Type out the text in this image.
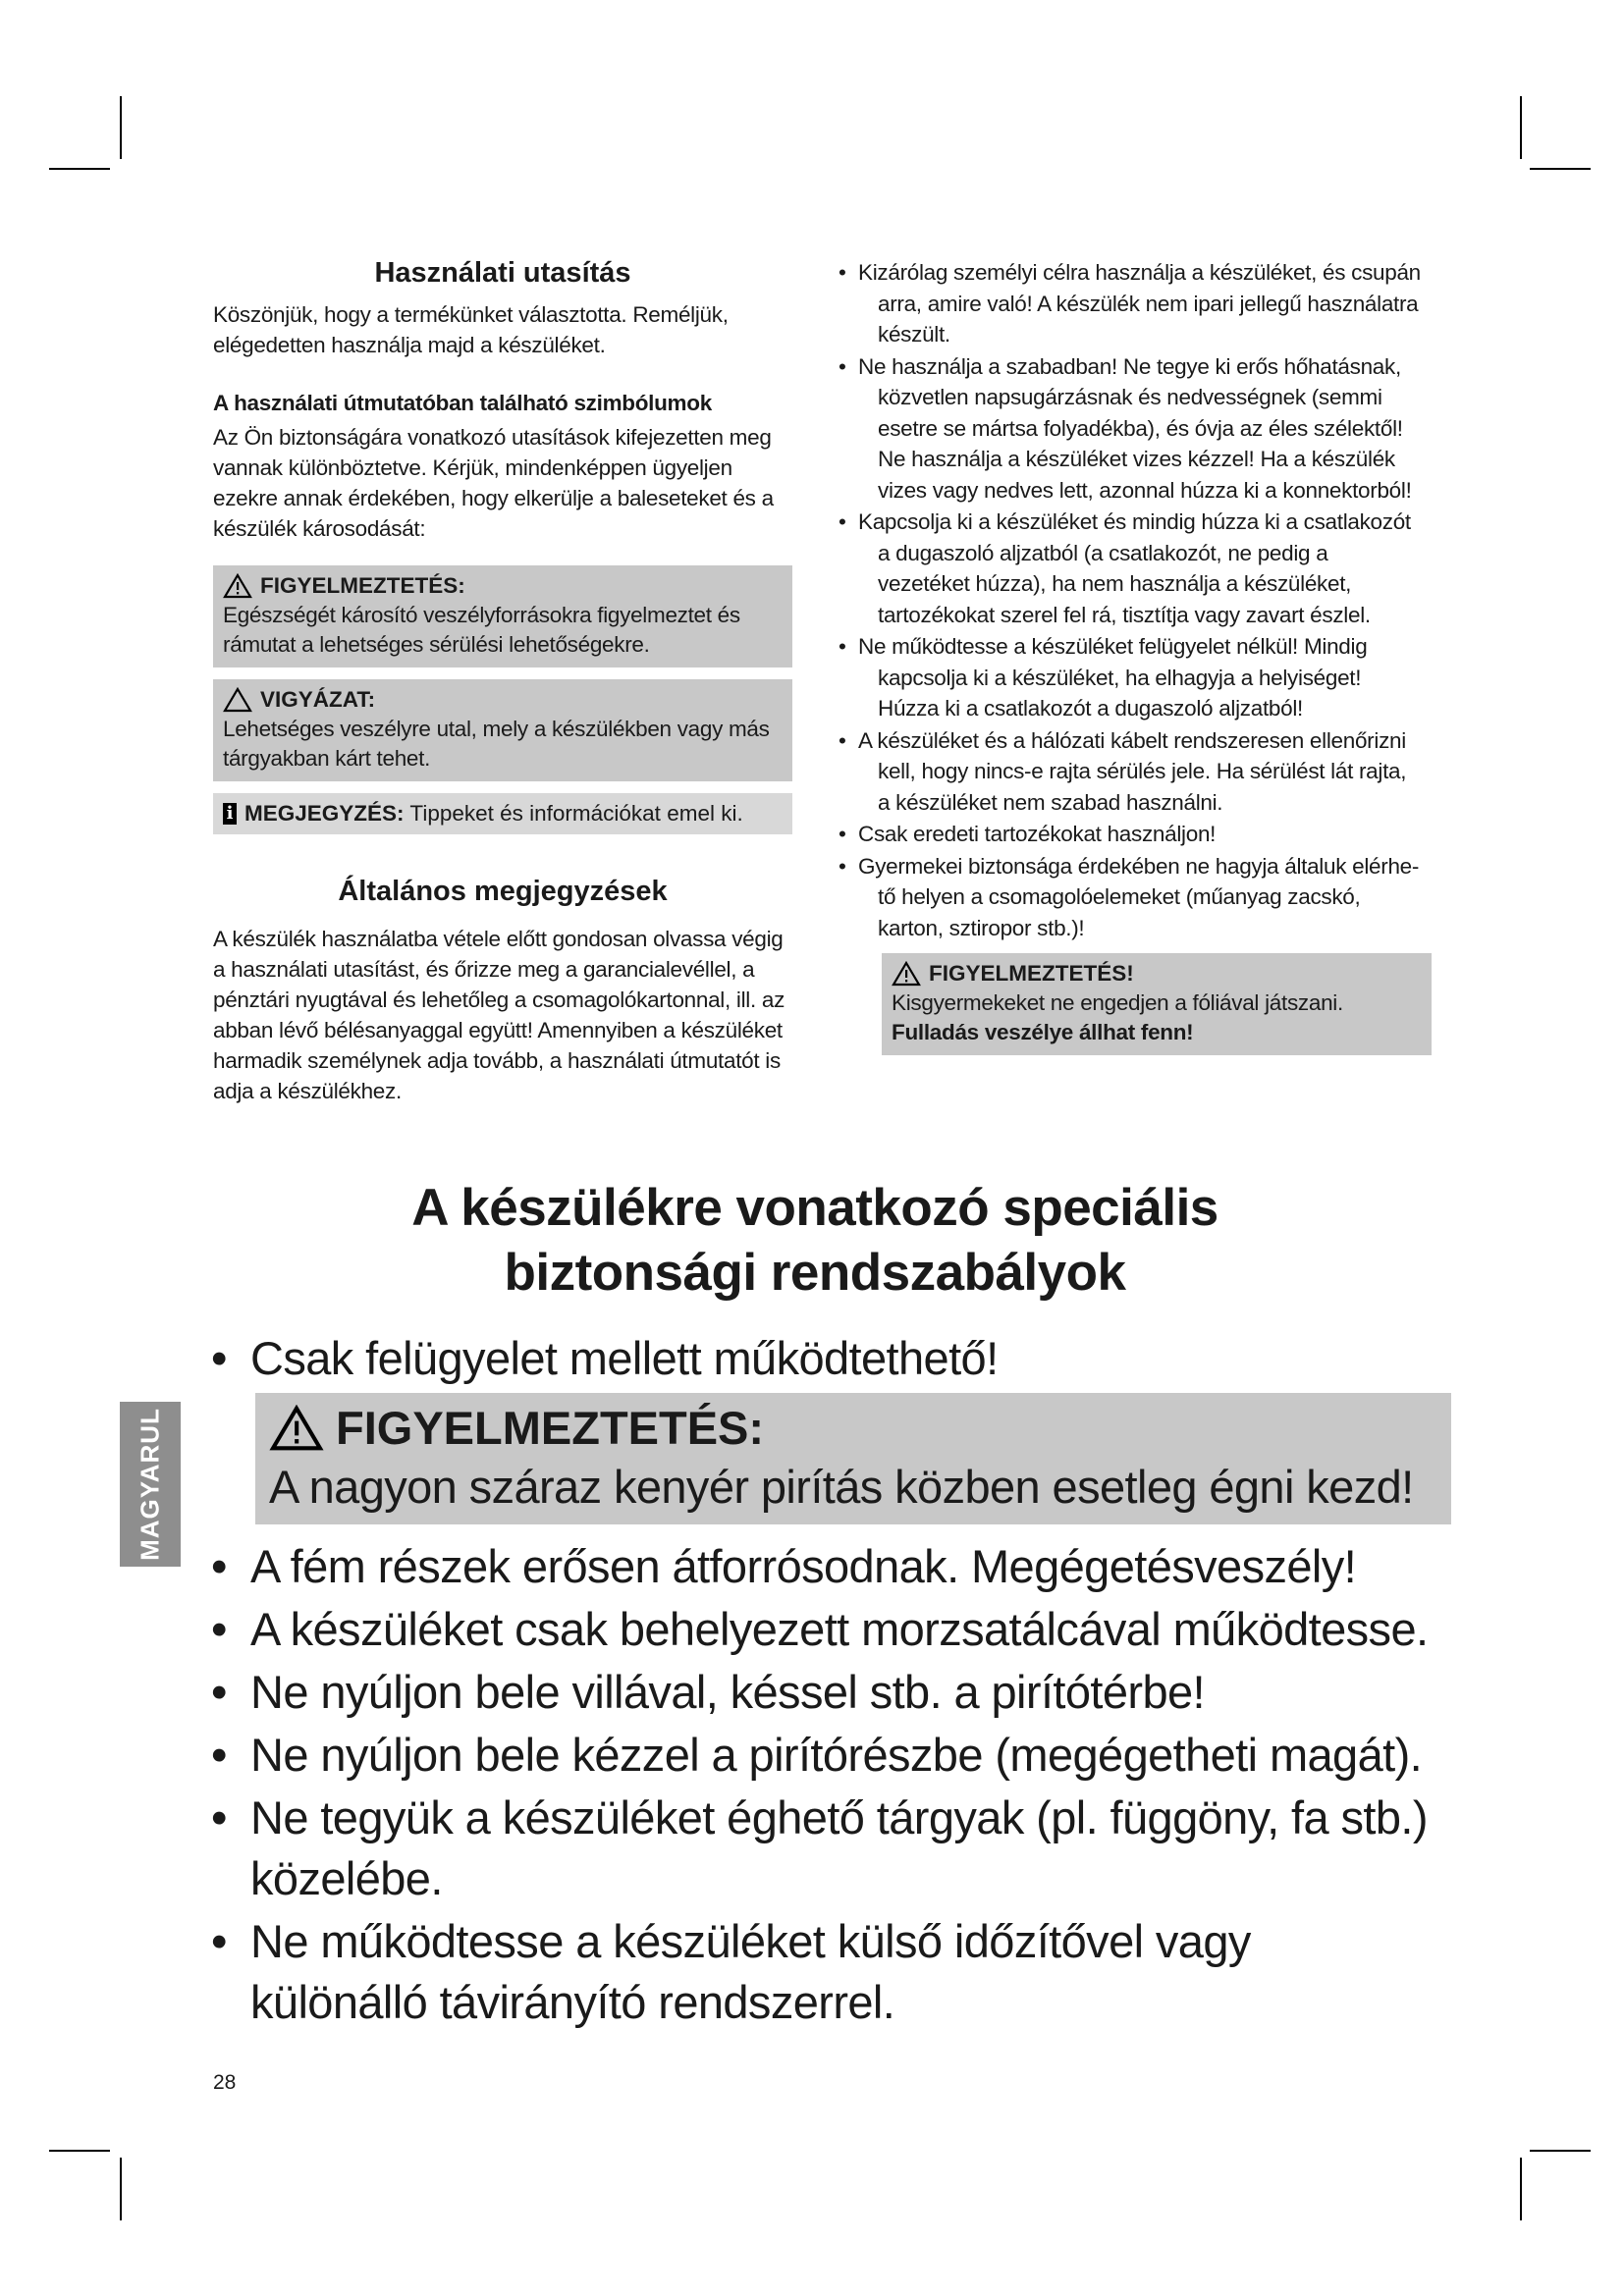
Használati utasítás

Köszönjük, hogy a termékünket választotta. Reméljük, elégedetten használja majd a készüléket.

A használati útmutatóban található szimbólumok

Az Ön biztonságára vonatkozó utasítások kifejezetten meg vannak különböztetve. Kérjük, mindenképpen ügyeljen ezekre annak érdekében, hogy elkerülje a baleseteket és a készülék károsodását:

FIGYELMEZTETÉS:
Egészségét károsító veszélyforrásokra figyelmeztet és rámutat a lehetséges sérülési lehetőségekre.
VIGYÁZAT:
Lehetséges veszélyre utal, mely a készülékben vagy más tárgyakban kárt tehet.
i MEGJEGYZÉS: Tippeket és információkat emel ki.
Általános megjegyzések

A készülék használatba vétele előtt gondosan olvassa végig a használati utasítást, és őrizze meg a garancialevéllel, a pénztári nyugtával és lehetőleg a csomagolókartonnal, ill. az abban lévő bélésanyaggal együtt! Amennyiben a készüléket harmadik személynek adja tovább, a használati útmutatót is adja a készülékhez.

• Kizárólag személyi célra használja a készüléket, és csupán
arra, amire való! A készülék nem ipari jellegű használatra készült.
• Ne használja a szabadban! Ne tegye ki erős hőhatásnak,
közvetlen napsugárzásnak és nedvességnek (semmi esetre se mártsa folyadékba), és óvja az éles szélektől! Ne használja a készüléket vizes kézzel! Ha a készülék vizes vagy nedves lett, azonnal húzza ki a konnektorból!
• Kapcsolja ki a készüléket és mindig húzza ki a csatlakozót
a dugaszoló aljzatból (a csatlakozót, ne pedig a vezetéket húzza), ha nem használja a készüléket, tartozékokat szerel fel rá, tisztítja vagy zavart észlel.
• Ne működtesse a készüléket felügyelet nélkül! Mindig
kapcsolja ki a készüléket, ha elhagyja a helyiséget! Húzza ki a csatlakozót a dugaszoló aljzatból!
• A készüléket és a hálózati kábelt rendszeresen ellenőrizni
kell, hogy nincs-e rajta sérülés jele. Ha sérülést lát rajta, a készüléket nem szabad használni.
• Csak eredeti tartozékokat használjon!
• Gyermekei biztonsága érdekében ne hagyja általuk elérhe-
tő helyen a csomagolóelemeket (műanyag zacskó, karton, sztiropor stb.)!
FIGYELMEZTETÉS!
Kisgyermekeket ne engedjen a fóliával játszani. Fulladás veszélye állhat fenn!
A készülékre vonatkozó speciális
biztonsági rendszabályok
• Csak felügyelet mellett működtethető!
FIGYELMEZTETÉS:
A nagyon száraz kenyér pirítás közben esetleg égni kezd!
• A fém részek erősen átforrósodnak. Megégetésveszély!
• A készüléket csak behelyezett morzsatálcával működtesse.
• Ne nyúljon bele villával, késsel stb. a pirítótérbe!
• Ne nyúljon bele kézzel a pirítórészbe (megégetheti magát).
• Ne tegyük a készüléket éghető tárgyak (pl. függöny, fa stb.) közelébe.
• Ne működtesse a készüléket külső időzítővel vagy különálló távirányító rendszerrel.
MAGYARUL
28
